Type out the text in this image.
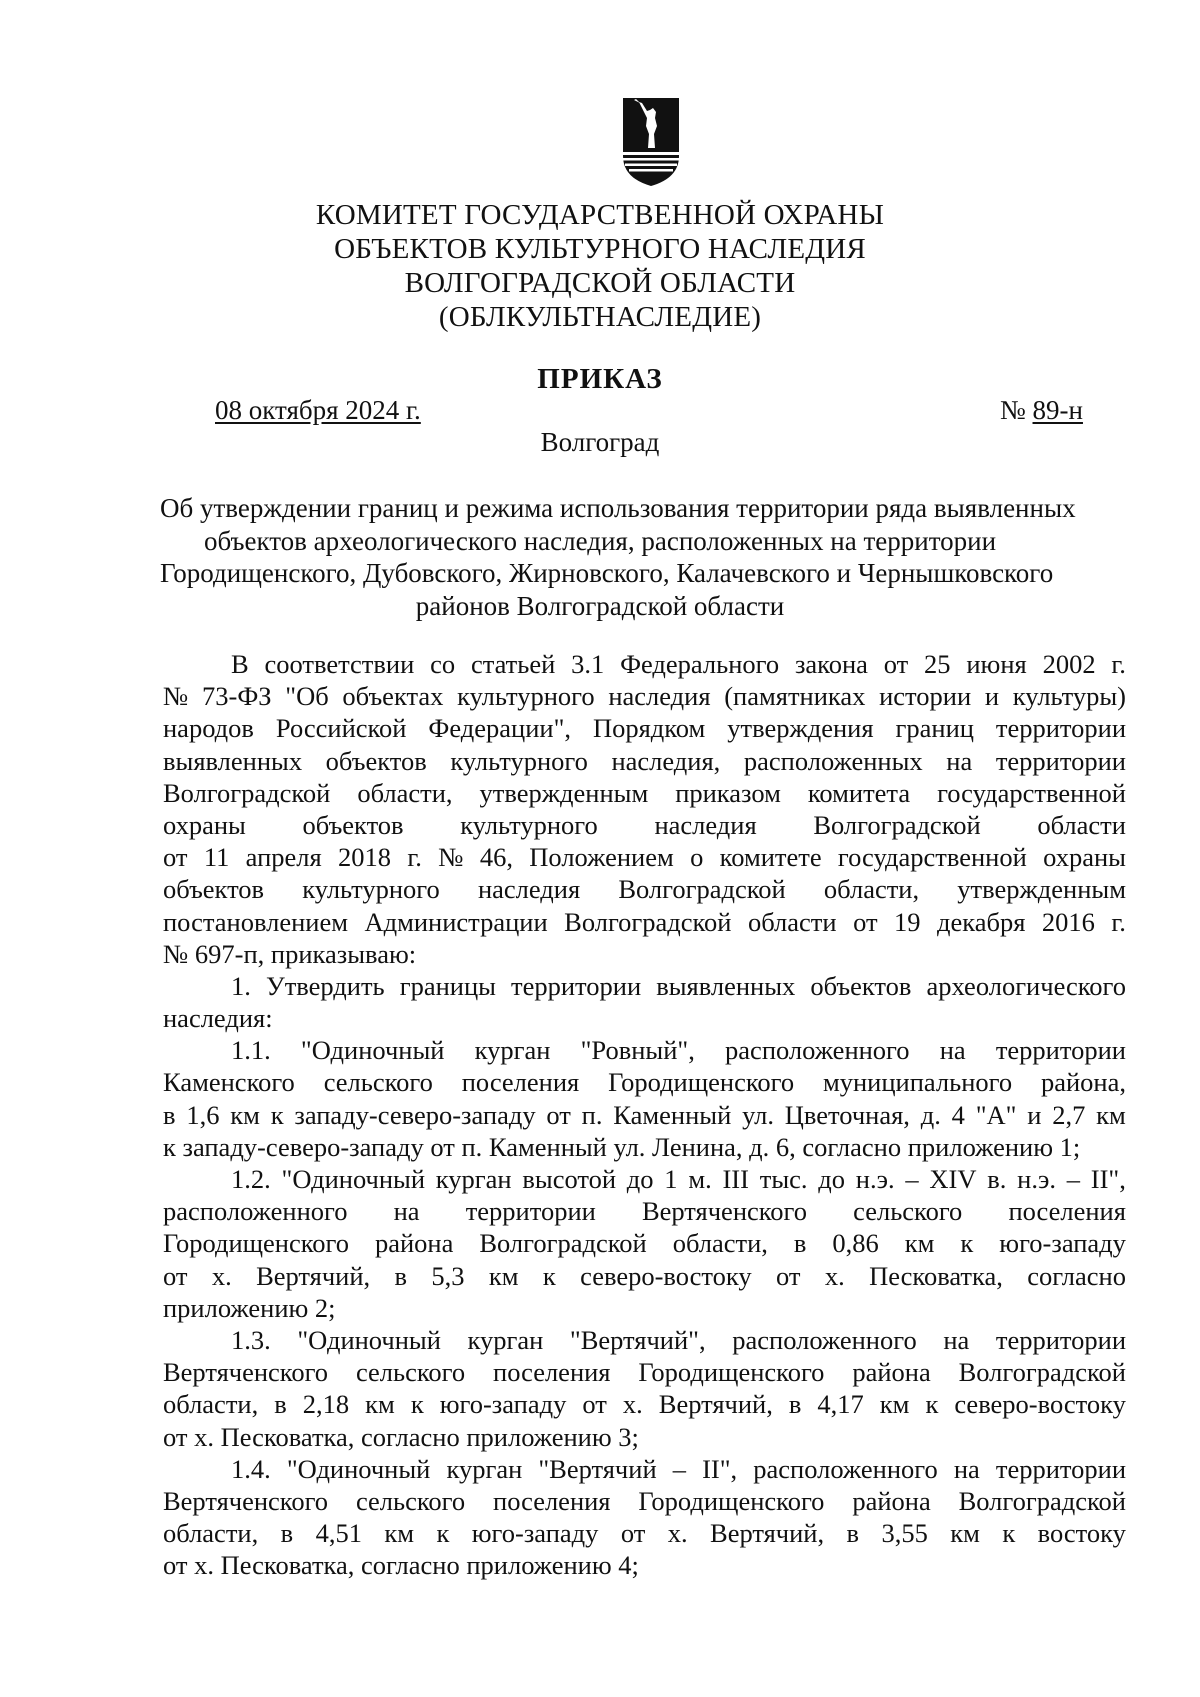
КОМИТЕТ ГОСУДАРСТВЕННОЙ ОХРАНЫ
ОБЪЕКТОВ КУЛЬТУРНОГО НАСЛЕДИЯ
ВОЛГОГРАДСКОЙ ОБЛАСТИ
(ОБЛКУЛЬТНАСЛЕДИЕ)
ПРИКАЗ
08 октября 2024 г.	№ 89-н
Волгоград
Об утверждении границ и режима использования территории ряда выявленных
объектов археологического наследия, расположенных на территории
Городищенского, Дубовского, Жирновского, Калачевского и Чернышковского
районов Волгоградской области
В соответствии со статьей 3.1 Федерального закона от 25 июня 2002 г.
№ 73-ФЗ "Об объектах культурного наследия (памятниках истории и культуры)
народов Российской Федерации", Порядком утверждения границ территории
выявленных объектов культурного наследия, расположенных на территории
Волгоградской области, утвержденным приказом комитета государственной
охраны объектов культурного наследия Волгоградской области
от 11 апреля 2018 г. № 46, Положением о комитете государственной охраны
объектов культурного наследия Волгоградской области, утвержденным
постановлением Администрации Волгоградской области от 19 декабря 2016 г.
№ 697-п, приказываю:
1. Утвердить границы территории выявленных объектов археологического
наследия:
1.1. "Одиночный курган "Ровный", расположенного на территории
Каменского сельского поселения Городищенского муниципального района,
в 1,6 км к западу-северо-западу от п. Каменный ул. Цветочная, д. 4 "А" и 2,7 км
к западу-северо-западу от п. Каменный ул. Ленина, д. 6, согласно приложению 1;
1.2. "Одиночный курган высотой до 1 м. III тыс. до н.э. – XIV в. н.э. – II",
расположенного на территории Вертяченского сельского поселения
Городищенского района Волгоградской области, в 0,86 км к юго-западу
от х. Вертячий, в 5,3 км к северо-востоку от х. Песковатка, согласно
приложению 2;
1.3. "Одиночный курган "Вертячий", расположенного на территории
Вертяченского сельского поселения Городищенского района Волгоградской
области, в 2,18 км к юго-западу от х. Вертячий, в 4,17 км к северо-востоку
от х. Песковатка, согласно приложению 3;
1.4. "Одиночный курган "Вертячий – II", расположенного на территории
Вертяченского сельского поселения Городищенского района Волгоградской
области, в 4,51 км к юго-западу от х. Вертячий, в 3,55 км к востоку
от х. Песковатка, согласно приложению 4;
